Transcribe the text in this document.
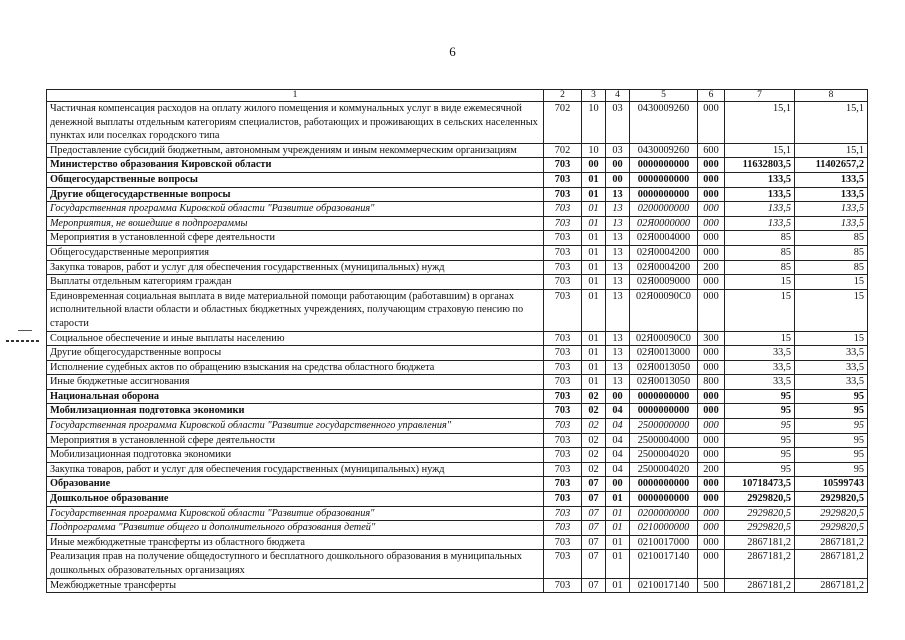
6
1	2	3	4	5	6	7	8
Частичная компенсация расходов на оплату жилого помещения и коммунальных услуг в виде ежемесячной денежной выплаты отдельным категориям специалистов, работающих и проживающих в сельских населенных пунктах или поселках городского типа	702	10	03	0430009260	000	15,1	15,1
Предоставление субсидий бюджетным, автономным учреждениям и иным некоммерческим организациям	702	10	03	0430009260	600	15,1	15,1
Министерство образования Кировской области	703	00	00	0000000000	000	11632803,5	11402657,2
Общегосударственные вопросы	703	01	00	0000000000	000	133,5	133,5
Другие общегосударственные вопросы	703	01	13	0000000000	000	133,5	133,5
Государственная программа Кировской области "Развитие образования"	703	01	13	0200000000	000	133,5	133,5
Мероприятия, не вошедшие в подпрограммы	703	01	13	02Я0000000	000	133,5	133,5
Мероприятия в установленной сфере деятельности	703	01	13	02Я0004000	000	85	85
Общегосударственные мероприятия	703	01	13	02Я0004200	000	85	85
Закупка товаров, работ и услуг для обеспечения государственных (муниципальных) нужд	703	01	13	02Я0004200	200	85	85
Выплаты отдельным категориям граждан	703	01	13	02Я0009000	000	15	15
Единовременная социальная выплата в виде материальной помощи работающим (работавшим) в органах исполнительной власти области и областных бюджетных учреждениях, получающим страховую пенсию по старости	703	01	13	02Я00090С0	000	15	15
Социальное обеспечение и иные выплаты населению	703	01	13	02Я00090С0	300	15	15
Другие общегосударственные вопросы	703	01	13	02Я0013000	000	33,5	33,5
Исполнение судебных актов по обращению взыскания на средства областного бюджета	703	01	13	02Я0013050	000	33,5	33,5
Иные бюджетные ассигнования	703	01	13	02Я0013050	800	33,5	33,5
Национальная оборона	703	02	00	0000000000	000	95	95
Мобилизационная подготовка экономики	703	02	04	0000000000	000	95	95
Государственная программа Кировской области "Развитие государственного управления"	703	02	04	2500000000	000	95	95
Мероприятия в установленной сфере деятельности	703	02	04	2500004000	000	95	95
Мобилизационная подготовка экономики	703	02	04	2500004020	000	95	95
Закупка товаров, работ и услуг для обеспечения государственных (муниципальных) нужд	703	02	04	2500004020	200	95	95
Образование	703	07	00	0000000000	000	10718473,5	10599743
Дошкольное образование	703	07	01	0000000000	000	2929820,5	2929820,5
Государственная программа Кировской области "Развитие образования"	703	07	01	0200000000	000	2929820,5	2929820,5
Подпрограмма "Развитие общего и дополнительного образования детей"	703	07	01	0210000000	000	2929820,5	2929820,5
Иные межбюджетные трансферты из областного бюджета	703	07	01	0210017000	000	2867181,2	2867181,2
Реализация прав на получение общедоступного и бесплатного дошкольного образования в муниципальных дошкольных образовательных организациях	703	07	01	0210017140	000	2867181,2	2867181,2
Межбюджетные трансферты	703	07	01	0210017140	500	2867181,2	2867181,2
